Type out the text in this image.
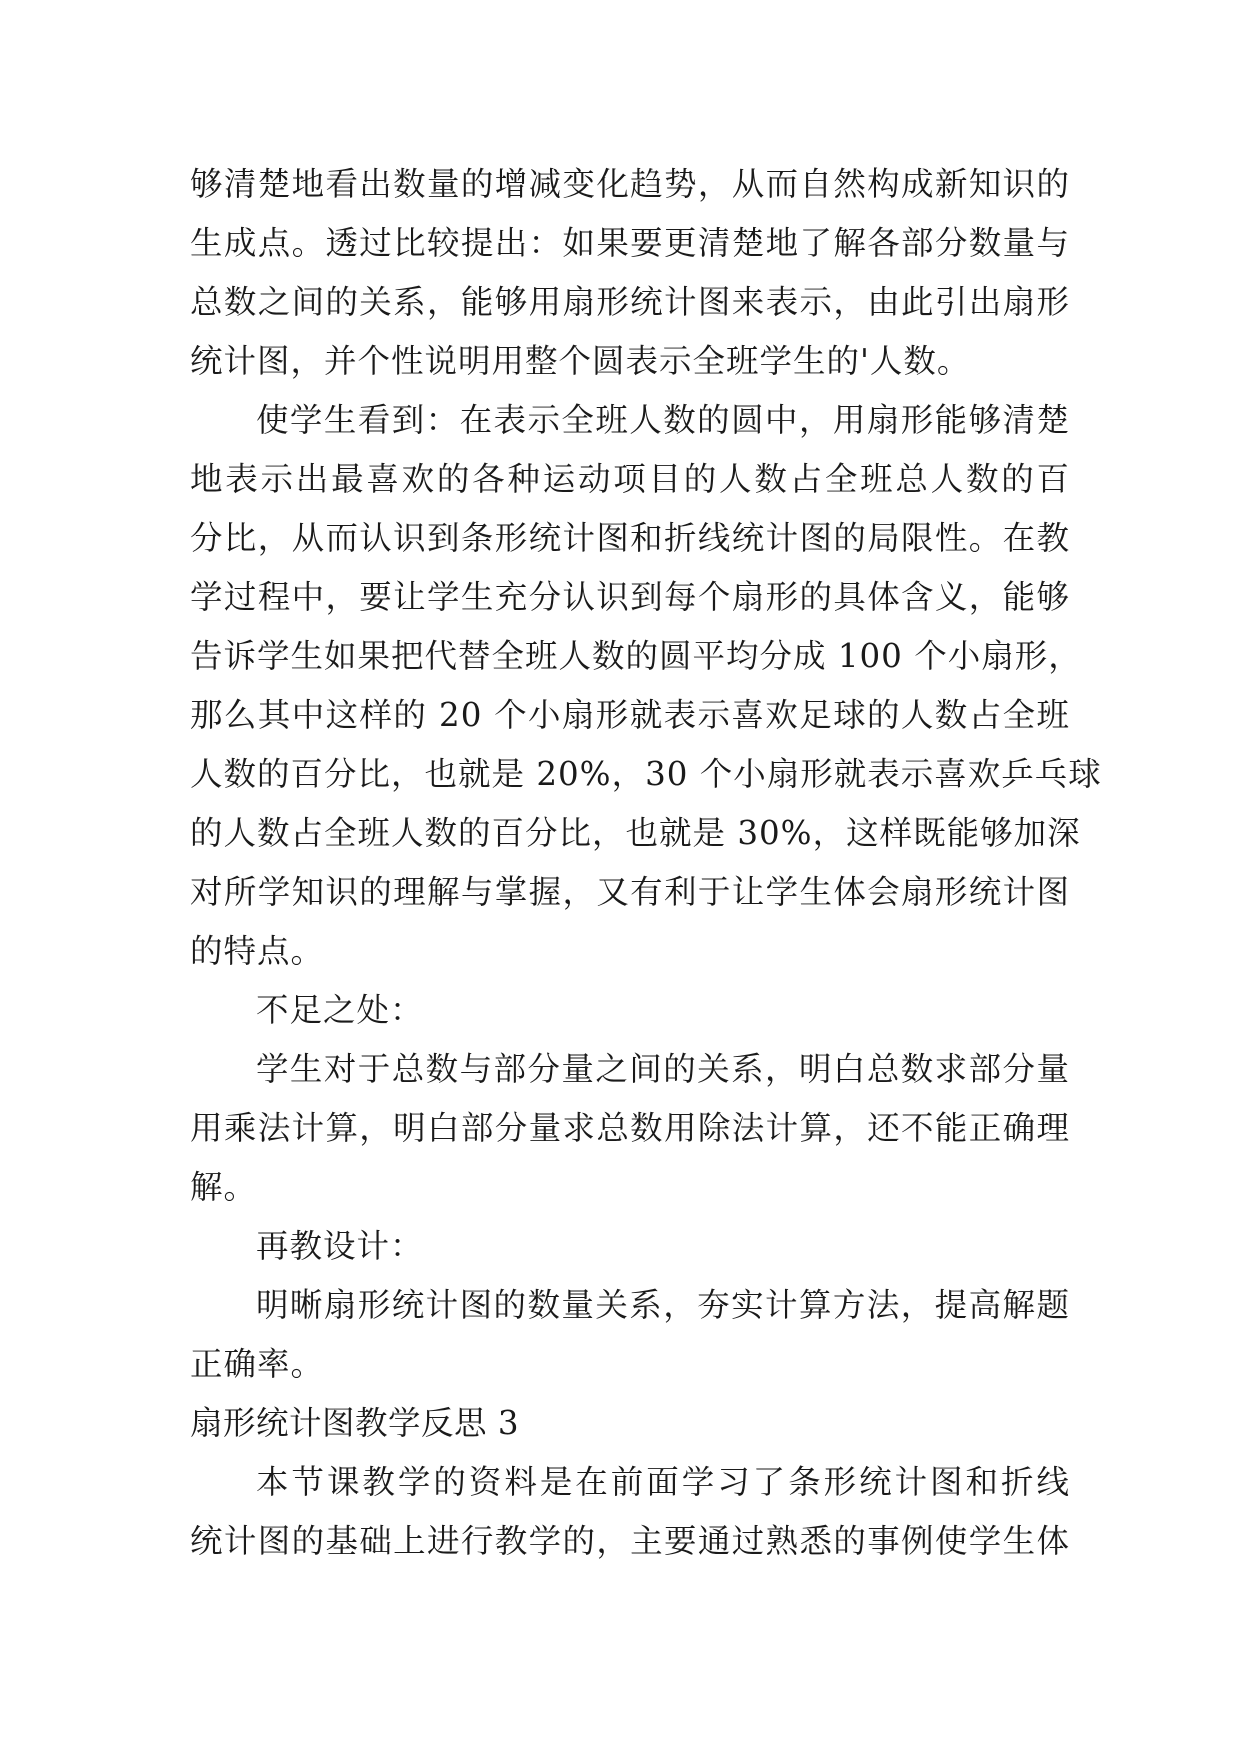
够清楚地看出数量的增减变化趋势，从而自然构成新知识的
生成点。透过比较提出：如果要更清楚地了解各部分数量与
总数之间的关系，能够用扇形统计图来表示，由此引出扇形
统计图，并个性说明用整个圆表示全班学生的'人数。
使学生看到：在表示全班人数的圆中，用扇形能够清楚
地表示出最喜欢的各种运动项目的人数占全班总人数的百
分比，从而认识到条形统计图和折线统计图的局限性。在教
学过程中，要让学生充分认识到每个扇形的具体含义，能够
告诉学生如果把代替全班人数的圆平均分成 100 个小扇形，
那么其中这样的 20 个小扇形就表示喜欢足球的人数占全班
人数的百分比，也就是 20%，30 个小扇形就表示喜欢乒乓球
的人数占全班人数的百分比，也就是 30%，这样既能够加深
对所学知识的理解与掌握，又有利于让学生体会扇形统计图
的特点。
不足之处：
学生对于总数与部分量之间的关系，明白总数求部分量
用乘法计算，明白部分量求总数用除法计算，还不能正确理
解。
再教设计：
明晰扇形统计图的数量关系，夯实计算方法，提高解题
正确率。
扇形统计图教学反思 3
本节课教学的资料是在前面学习了条形统计图和折线
统计图的基础上进行教学的，主要通过熟悉的事例使学生体
